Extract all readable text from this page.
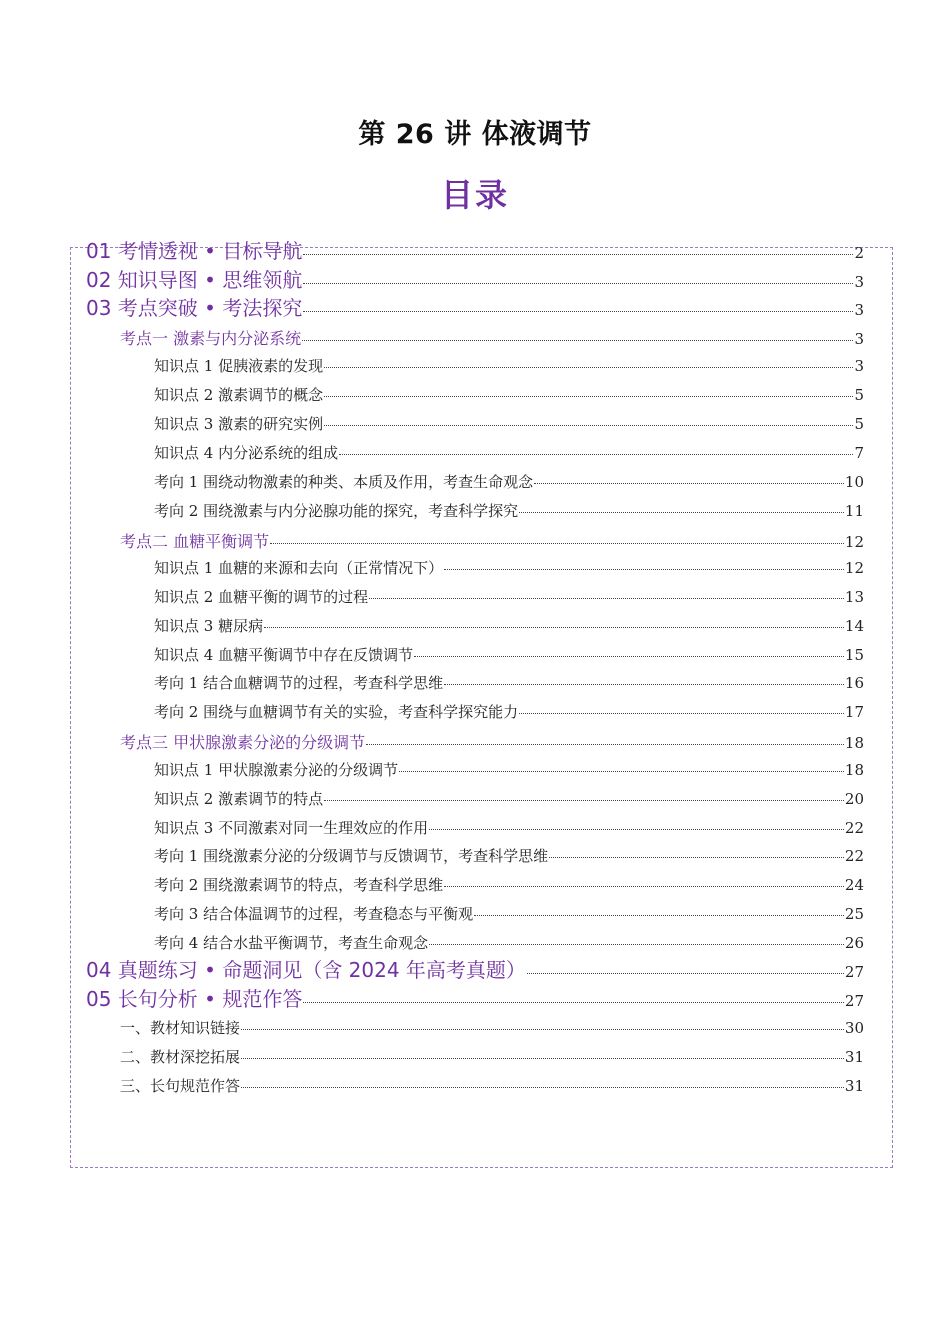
第 26 讲 体液调节
目录
01 考情透视 • 目标导航	2
02 知识导图 • 思维领航	3
03 考点突破 • 考法探究	3
考点一 激素与内分泌系统	3
知识点 1 促胰液素的发现	3
知识点 2 激素调节的概念	5
知识点 3 激素的研究实例	5
知识点 4 内分泌系统的组成	7
考向 1 围绕动物激素的种类、本质及作用，考查生命观念	10
考向 2 围绕激素与内分泌腺功能的探究，考查科学探究	11
考点二 血糖平衡调节	12
知识点 1 血糖的来源和去向（正常情况下）	12
知识点 2 血糖平衡的调节的过程	13
知识点 3 糖尿病	14
知识点 4 血糖平衡调节中存在反馈调节	15
考向 1 结合血糖调节的过程，考查科学思维	16
考向 2 围绕与血糖调节有关的实验，考查科学探究能力	17
考点三 甲状腺激素分泌的分级调节	18
知识点 1 甲状腺激素分泌的分级调节	18
知识点 2 激素调节的特点	20
知识点 3 不同激素对同一生理效应的作用	22
考向 1 围绕激素分泌的分级调节与反馈调节，考查科学思维	22
考向 2 围绕激素调节的特点，考查科学思维	24
考向 3 结合体温调节的过程，考查稳态与平衡观	25
考向 4 结合水盐平衡调节，考查生命观念	26
04 真题练习 • 命题洞见（含 2024 年高考真题）	27
05 长句分析 • 规范作答	27
一、教材知识链接	30
二、教材深挖拓展	31
三、长句规范作答	31
